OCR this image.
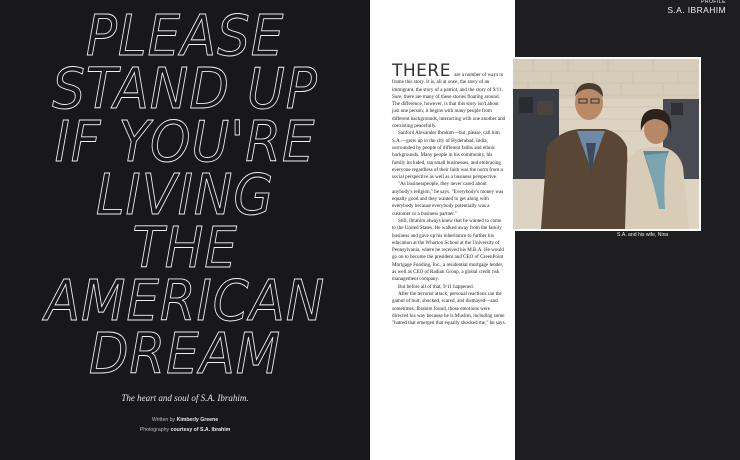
PLEASE
STAND UP
IF YOU'RE
LIVING
THE
AMERICAN
DREAM
The heart and soul of S.A. Ibrahim.
Written by Kimberly Greene
Photography courtesy of S.A. Ibrahim
PROFILE
S.A. IBRAHIM

THERE are a number of ways to frame this story. It is, all at once, the story of an immigrant, the story of a patriot, and the story of 9/11. Sure, there are many of these stories floating around. The difference, however, is that this story isn't about just one person; it begins with many people from different backgrounds, interacting with one another and coexisting peacefully.

Sanford Alexander Ibrahim—but, please, call him S.A.—grew up in the city of Hyderabad, India, surrounded by people of different faiths and ethnic backgrounds. Many people in his community, his family included, ran small businesses, and embracing everyone regardless of their faith was the norm from a social perspective as well as a business perspective.

"As businesspeople, they never cared about anybody's religion," he says. "Everybody's money was equally good and they wanted to get along with everybody because everybody potentially was a customer or a business partner."

Still, Ibrahim always knew that he wanted to come to the United States. He walked away from the family business and gave up his inheritance to further his education at the Wharton School at the University of Pennsylvania, where he received his M.B.A. He would go on to become the president and CEO of GreenPoint Mortgage Funding, Inc., a residential mortgage lender, as well as CEO of Radian Group, a global credit risk management company.

But before all of that, 9/11 happened.

After the terrorist attack, personal reactions ran the gamut of hurt, shocked, scared, and dismayed—and sometimes, Ibrahim found, those emotions were directed his way because he is Muslim, including some "hatred that emerged that equally shocked me," he says.

S.A. and his wife, Nina
